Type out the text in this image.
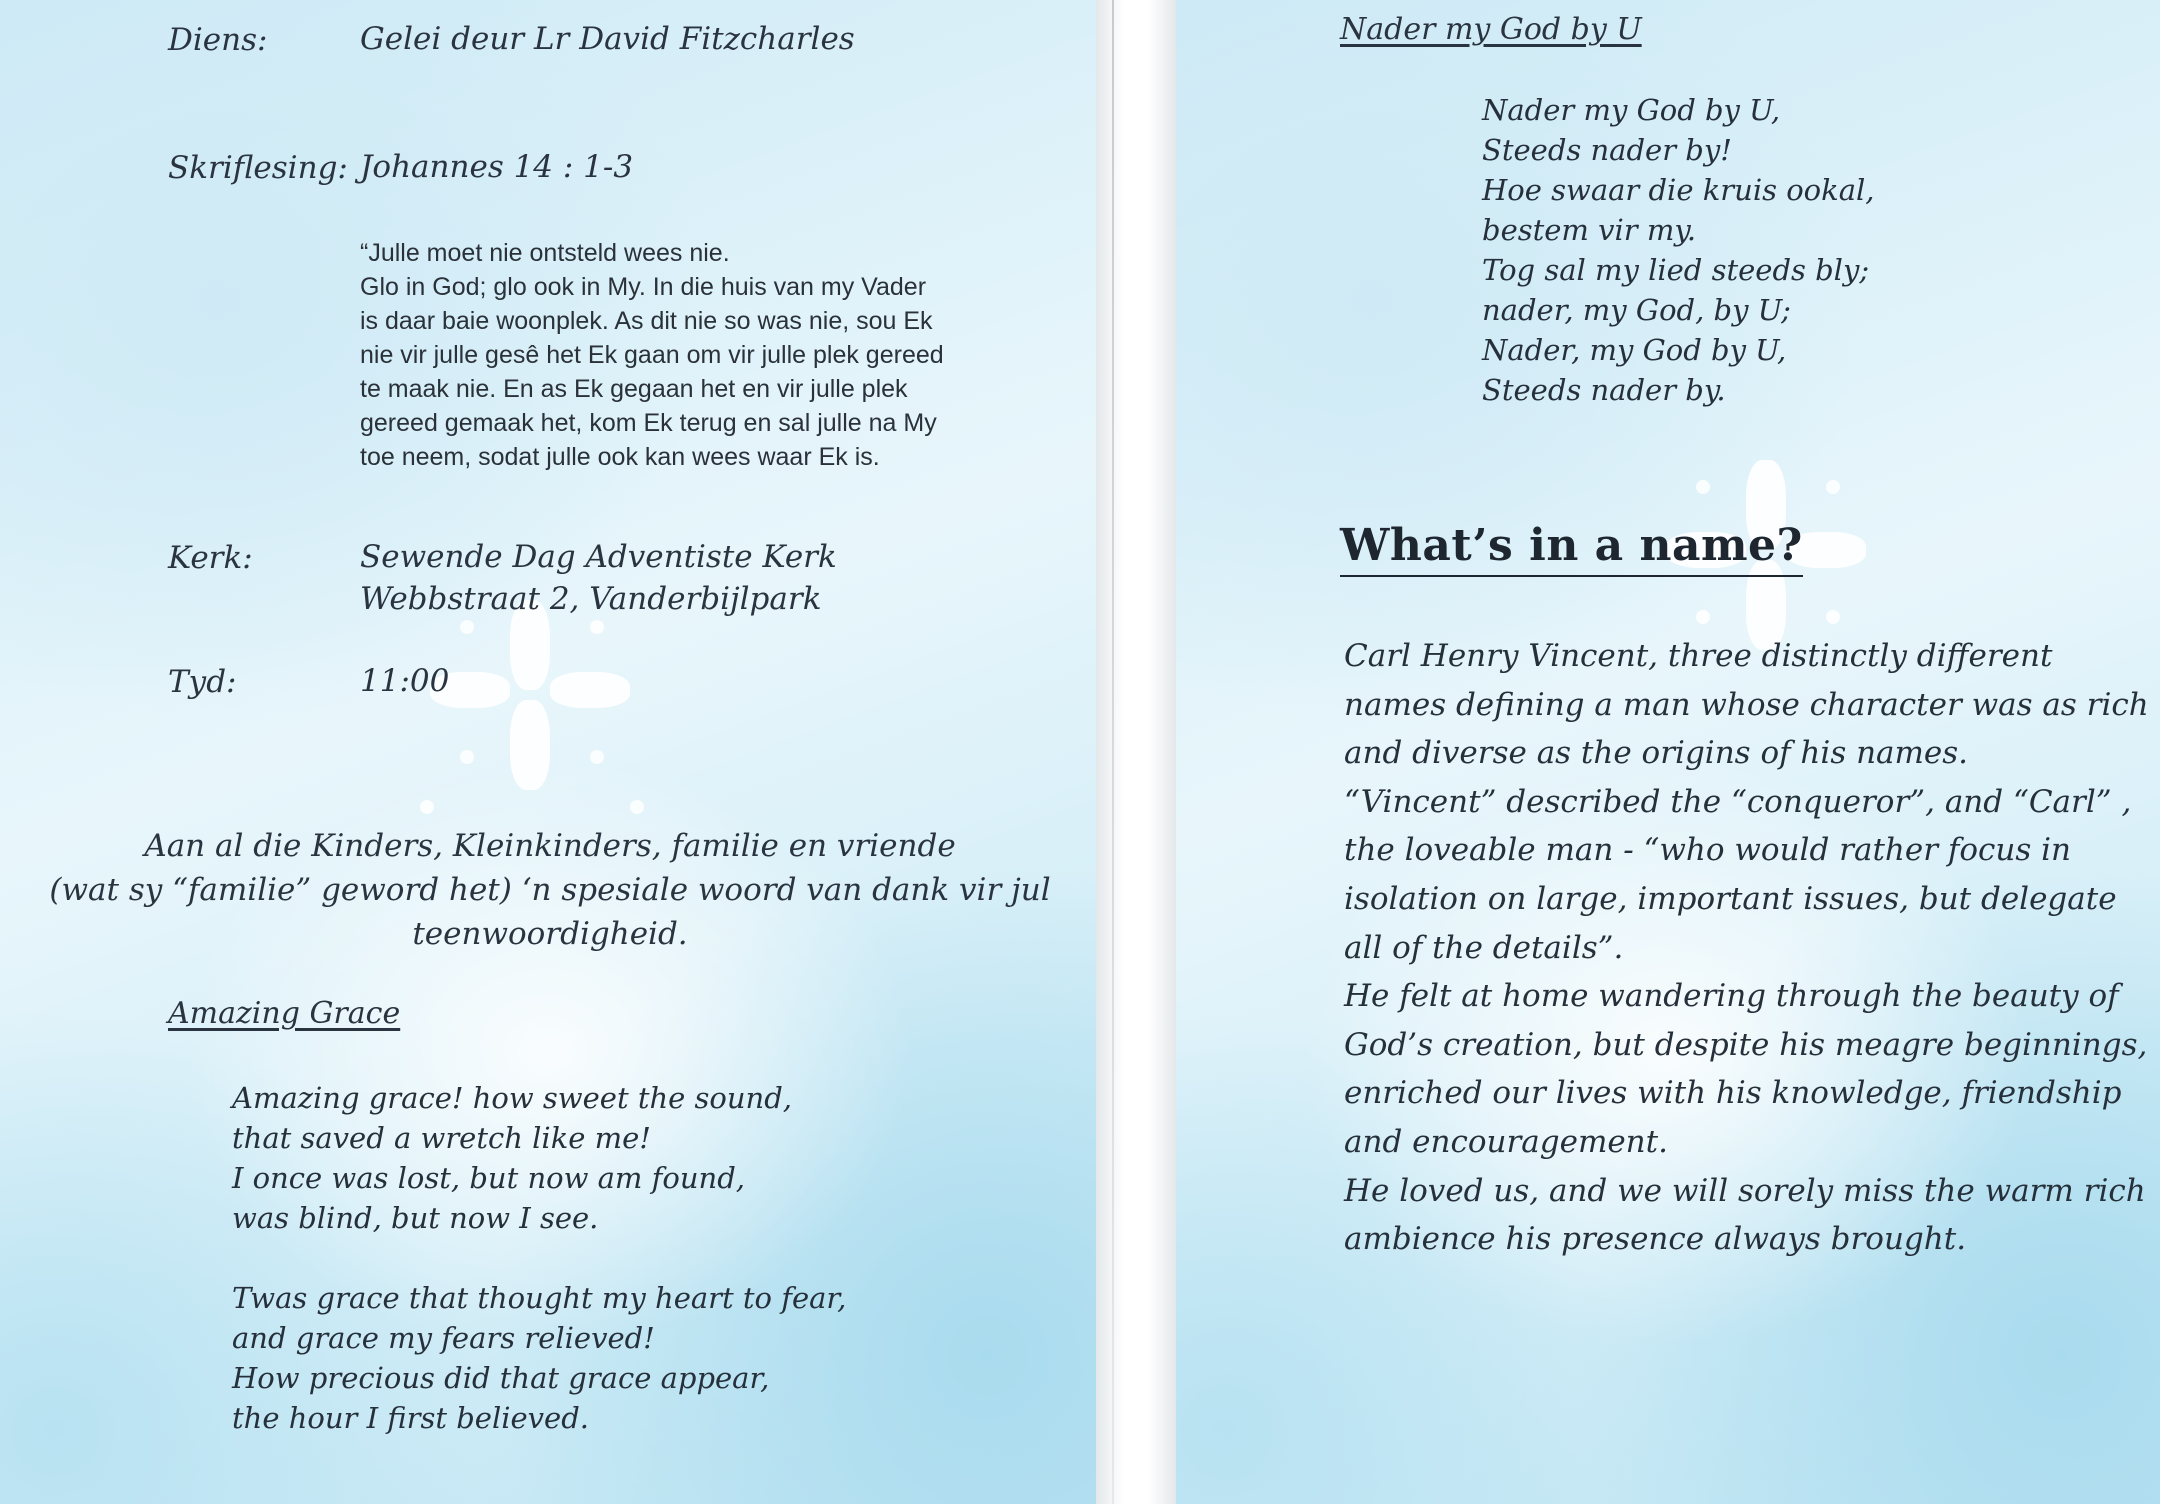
Diens:	Gelei deur Lr David Fitzcharles
Skriflesing: Johannes 14 : 1-3
“Julle moet nie ontsteld wees nie.
Glo in God; glo ook in My. In die huis van my Vader
is daar baie woonplek. As dit nie so was nie, sou Ek
nie vir julle gesê het Ek gaan om vir julle plek gereed
te maak nie. En as Ek gegaan het en vir julle plek
gereed gemaak het, kom Ek terug en sal julle na My
toe neem, sodat julle ook kan wees waar Ek is.
Kerk:	Sewende Dag Adventiste Kerk
Webbstraat 2, Vanderbijlpark
Tyd:	11:00
Aan al die Kinders, Kleinkinders, familie en vriende
(wat sy “familie” geword het) ‘n spesiale woord van dank vir jul
teenwoordigheid.
Amazing Grace
Amazing grace! how sweet the sound,
that saved a wretch like me!
I once was lost, but now am found,
was blind, but now I see.
Twas grace that thought my heart to fear,
and grace my fears relieved!
How precious did that grace appear,
the hour I first believed.
Nader my God by U
Nader my God by U,
Steeds nader by!
Hoe swaar die kruis ookal,
bestem vir my.
Tog sal my lied steeds bly;
nader, my God, by U;
Nader, my God by U,
Steeds nader by.
What’s in a name?
Carl Henry Vincent, three distinctly different
names defining a man whose character was as rich
and diverse as the origins of his names.
“Vincent” described the “conqueror”, and “Carl” ,
the loveable man - “who would rather focus in
isolation on large, important issues, but delegate
all of the details”.
He felt at home wandering through the beauty of
God’s creation, but despite his meagre beginnings,
enriched our lives with his knowledge, friendship
and encouragement.
He loved us, and we will sorely miss the warm rich
ambience his presence always brought.
